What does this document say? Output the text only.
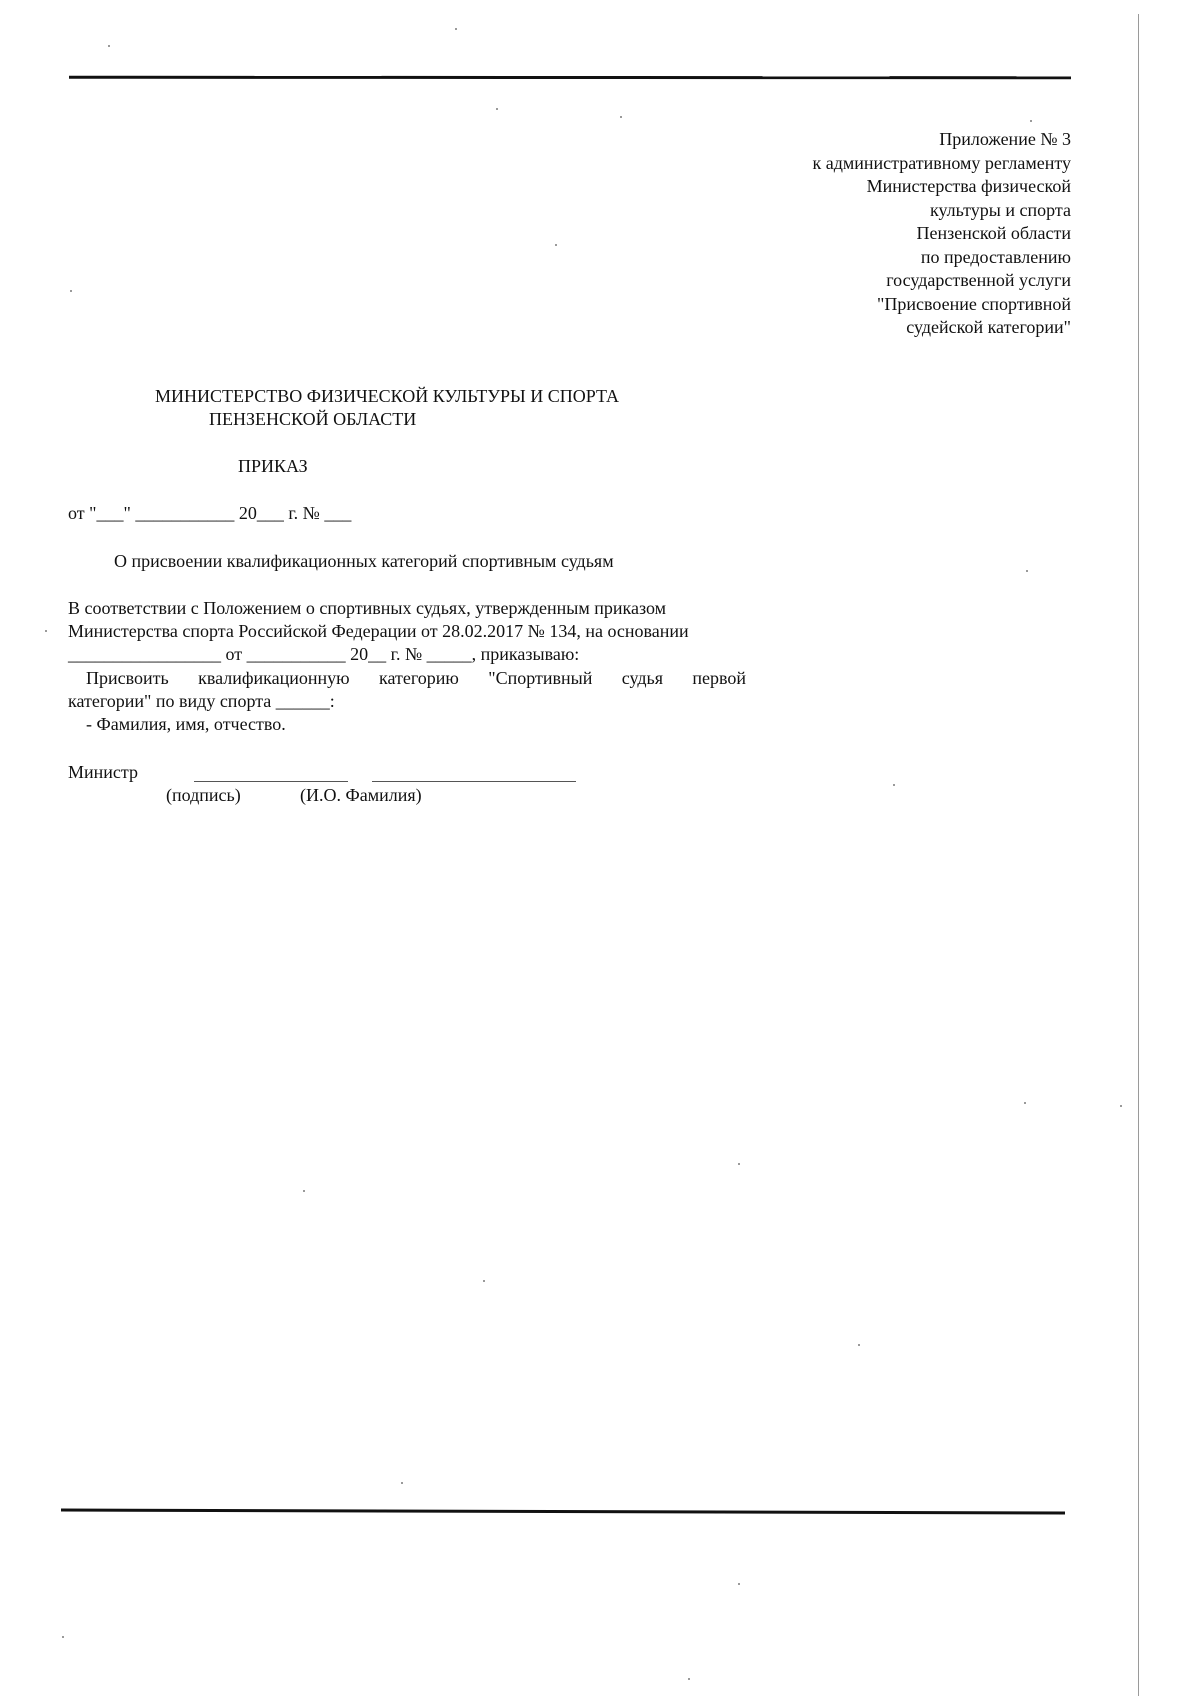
Приложение № 3
к административному регламенту
Министерства физической
культуры и спорта
Пензенской области
по предоставлению
государственной услуги
"Присвоение спортивной
судейской категории"
МИНИСТЕРСТВО ФИЗИЧЕСКОЙ КУЛЬТУРЫ И СПОРТА
ПЕНЗЕНСКОЙ ОБЛАСТИ
ПРИКАЗ
от "___" ___________ 20___ г. № ___
О присвоении квалификационных категорий спортивным судьям
В соответствии с Положением о спортивных судьях, утвержденным приказом
Министерства спорта Российской Федерации от 28.02.2017 № 134, на основании
_________________ от ___________ 20__ г. № _____, приказываю:
Присвоить квалификационную категорию "Спортивный судья первой
категории" по виду спорта ______:
- Фамилия, имя, отчество.
Министр
(подпись)	(И.О. Фамилия)
